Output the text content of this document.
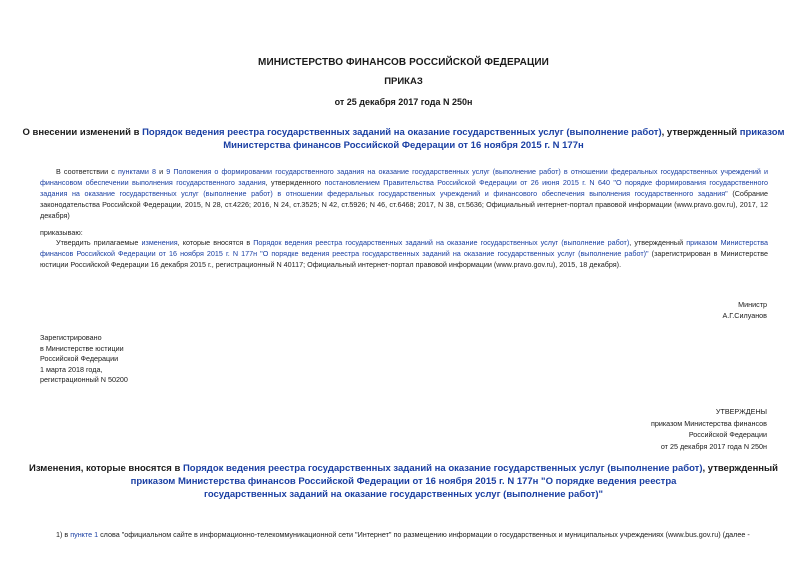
МИНИСТЕРСТВО ФИНАНСОВ РОССИЙСКОЙ ФЕДЕРАЦИИ
ПРИКАЗ
от 25 декабря 2017 года N 250н
О внесении изменений в Порядок ведения реестра государственных заданий на оказание государственных услуг (выполнение работ), утвержденный приказом
Министерства финансов Российской Федерации от 16 ноября 2015 г. N 177н
В соответствии с пунктами 8 и 9 Положения о формировании государственного задания на оказание государственных услуг (выполнение работ) в отношении федеральных государственных учреждений и финансовом обеспечении выполнения государственного задания, утвержденного постановлением Правительства Российской Федерации от 26 июня 2015 г. N 640 "О порядке формирования государственного задания на оказание государственных услуг (выполнение работ) в отношении федеральных государственных учреждений и финансового обеспечения выполнения государственного задания" (Собрание законодательства Российской Федерации, 2015, N 28, ст.4226; 2016, N 24, ст.3525; N 42, ст.5926; N 46, ст.6468; 2017, N 38, ст.5636; Официальный интернет-портал правовой информации (www.pravo.gov.ru), 2017, 12 декабря)
приказываю:
Утвердить прилагаемые изменения, которые вносятся в Порядок ведения реестра государственных заданий на оказание государственных услуг (выполнение работ), утвержденный приказом Министерства финансов Российской Федерации от 16 ноября 2015 г. N 177н "О порядке ведения реестра государственных заданий на оказание государственных услуг (выполнение работ)" (зарегистрирован в Министерстве юстиции Российской Федерации 16 декабря 2015 г., регистрационный N 40117; Официальный интернет-портал правовой информации (www.pravo.gov.ru), 2015, 18 декабря).
Министр
А.Г.Силуанов
Зарегистрировано
в Министерстве юстиции
Российской Федерации
1 марта 2018 года,
регистрационный N 50200
УТВЕРЖДЕНЫ
приказом Министерства финансов
Российской Федерации
от 25 декабря 2017 года N 250н
Изменения, которые вносятся в Порядок ведения реестра государственных заданий на оказание государственных услуг (выполнение работ), утвержденный
приказом Министерства финансов Российской Федерации от 16 ноября 2015 г. N 177н "О порядке ведения реестра государственных заданий на оказание государственных услуг (выполнение работ)"
1) в пункте 1 слова "официальном сайте в информационно-телекоммуникационной сети "Интернет" по размещению информации о государственных и муниципальных учреждениях (www.bus.gov.ru) (далее -
